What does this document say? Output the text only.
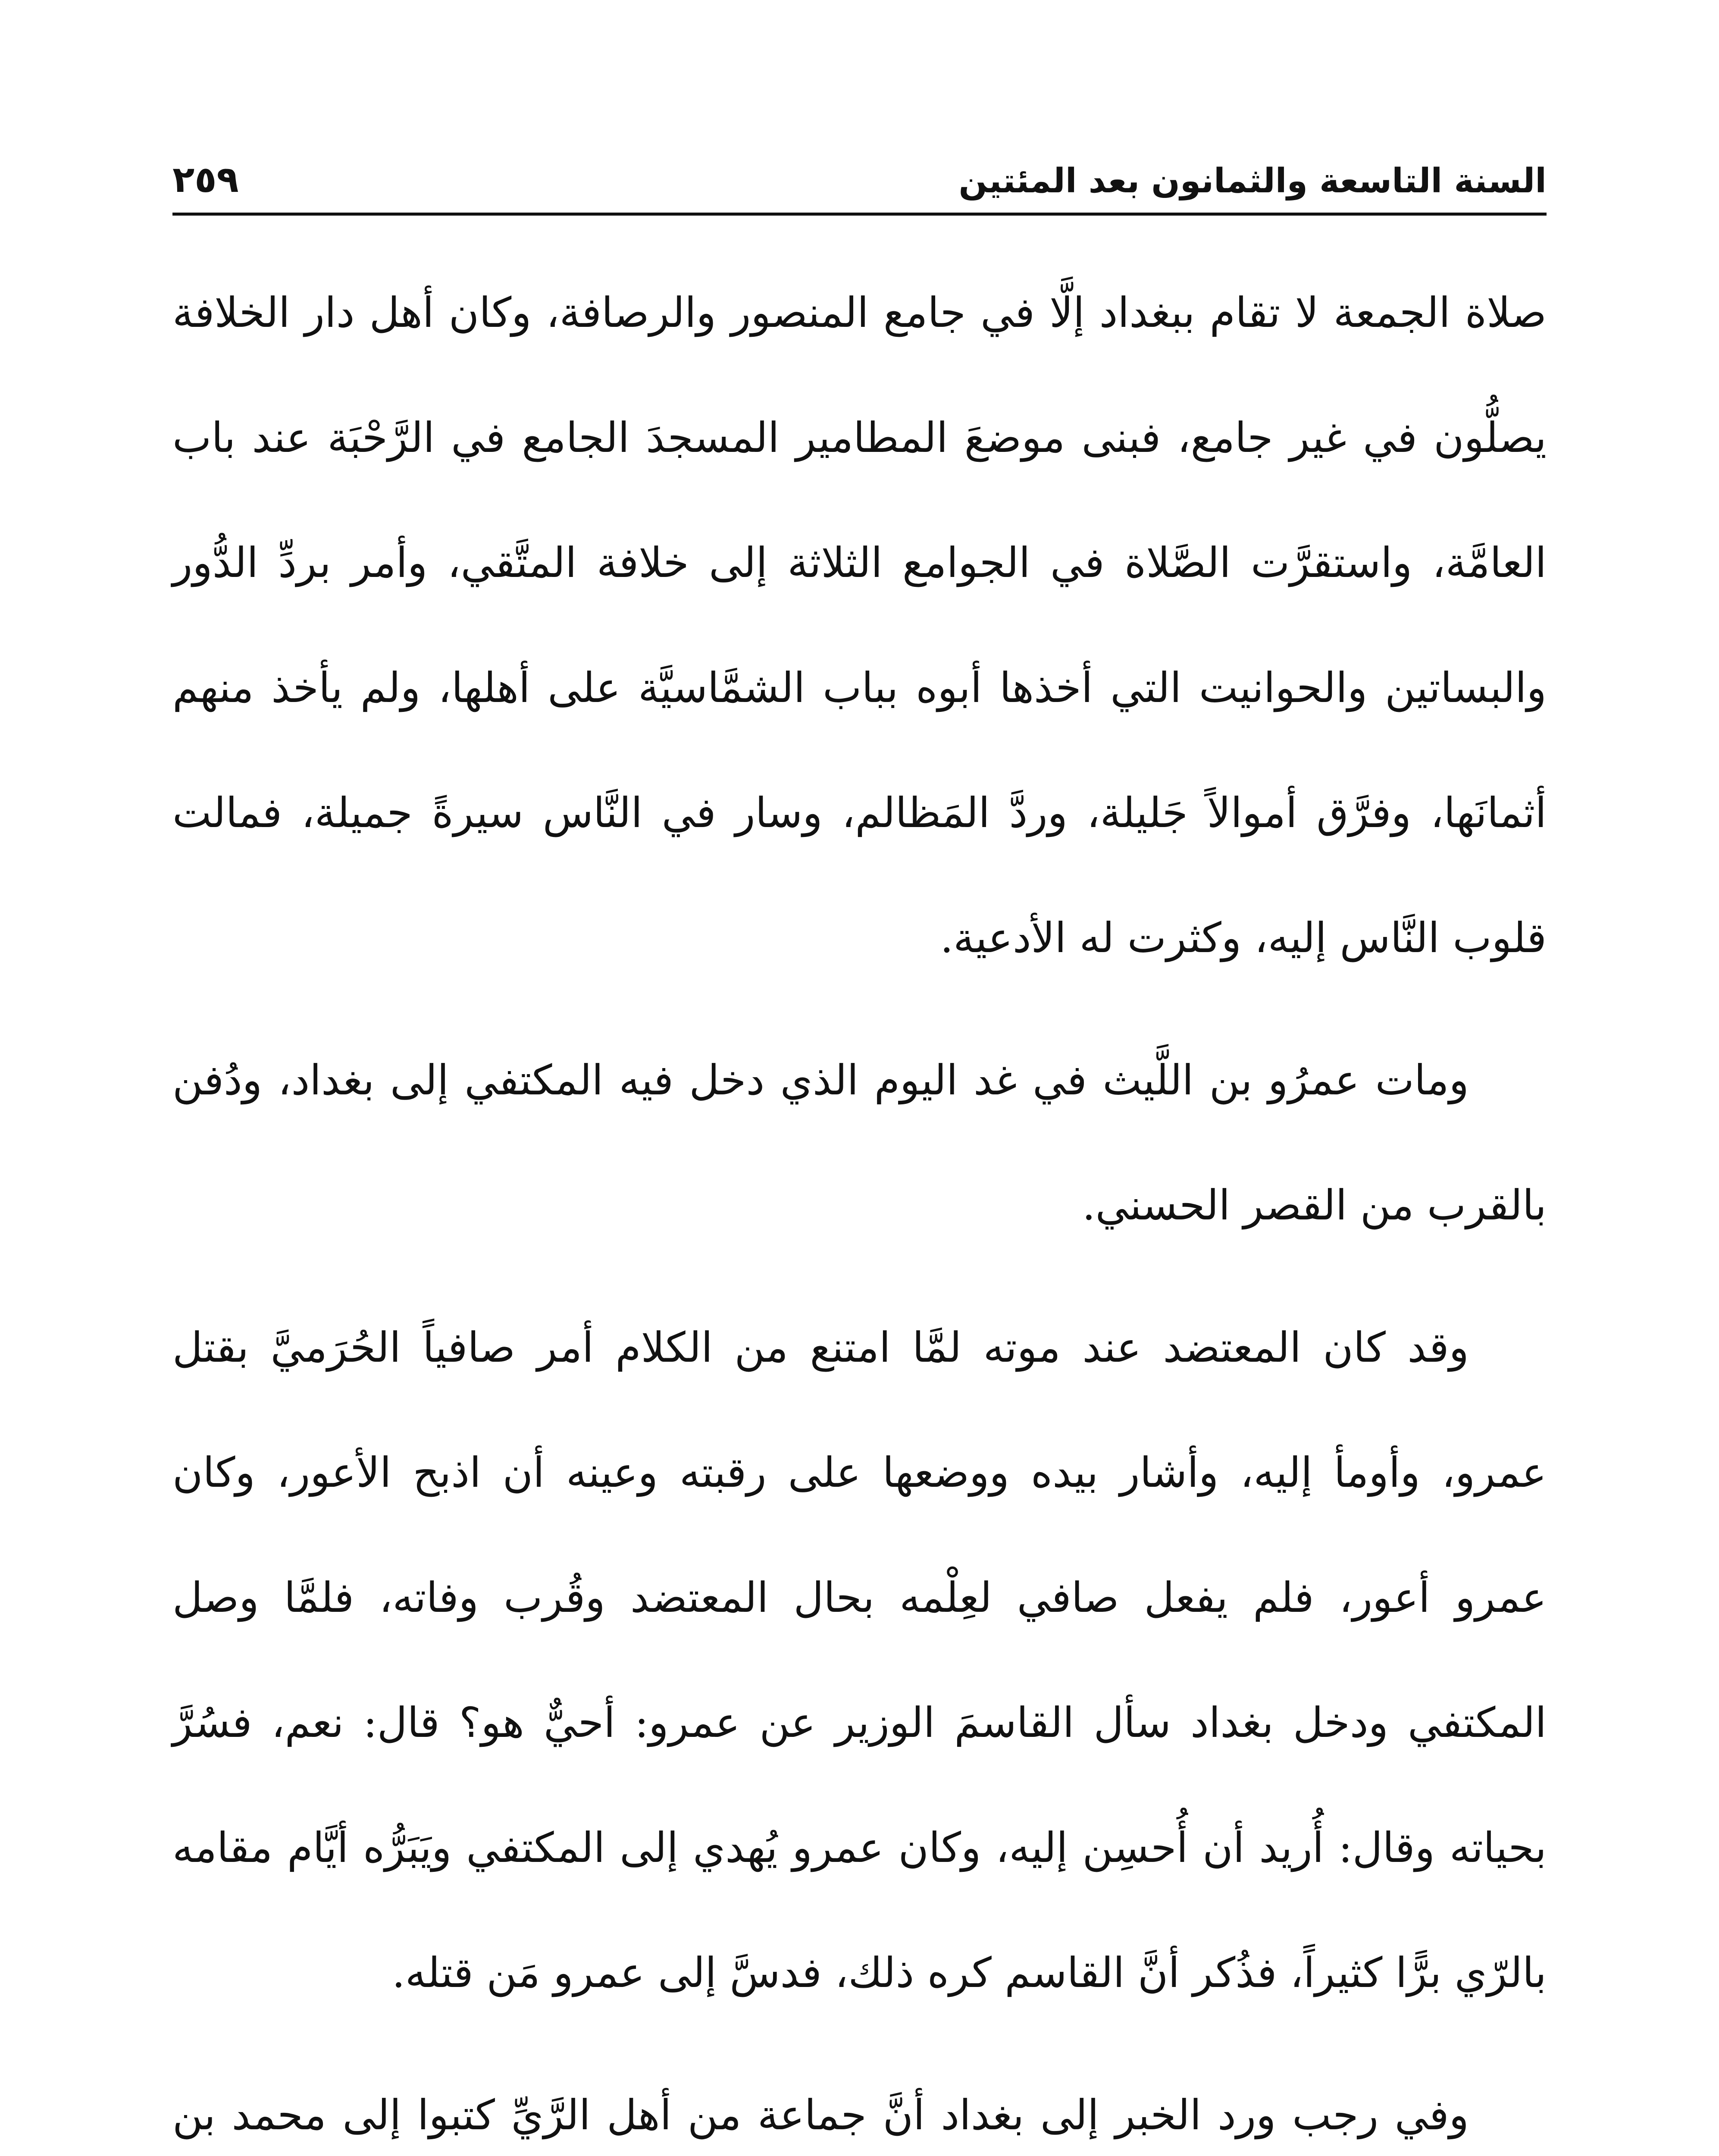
السنة التاسعة والثمانون بعد المئتين
٢٥٩

صلاة الجمعة لا تقام ببغداد إلَّا في جامع المنصور والرصافة، وكان أهل دار الخلافة يصلُّون في غير جامع، فبنى موضعَ المطامير المسجدَ الجامع في الرَّحْبَة عند باب العامَّة، واستقرَّت الصَّلاة في الجوامع الثلاثة إلى خلافة المتَّقي، وأمر بردِّ الدُّور والبساتين والحوانيت التي أخذها أبوه بباب الشمَّاسيَّة على أهلها، ولم يأخذ منهم أثمانَها، وفرَّق أموالاً جَليلة، وردَّ المَظالم، وسار في النَّاس سيرةً جميلة، فمالت قلوب النَّاس إليه، وكثرت له الأدعية.

ومات عمرُو بن اللَّيث في غد اليوم الذي دخل فيه المكتفي إلى بغداد، ودُفن بالقرب من القصر الحسني.

وقد كان المعتضد عند موته لمَّا امتنع من الكلام أمر صافياً الحُرَميَّ بقتل عمرو، وأومأ إليه، وأشار بيده ووضعها على رقبته وعينه أن اذبح الأعور، وكان عمرو أعور، فلم يفعل صافي لعِلْمه بحال المعتضد وقُرب وفاته، فلمَّا وصل المكتفي ودخل بغداد سأل القاسمَ الوزير عن عمرو: أحيٌّ هو؟ قال: نعم، فسُرَّ بحياته وقال: أُريد أن أُحسِن إليه، وكان عمرو يُهدي إلى المكتفي ويَبَرُّه أيَّام مقامه بالرّي برًّا كثيراً، فذُكر أنَّ القاسم كره ذلك، فدسَّ إلى عمرو مَن قتله.

وفي رجب ورد الخبر إلى بغداد أنَّ جماعة من أهل الرَّيِّ كتبوا إلى محمد بن
